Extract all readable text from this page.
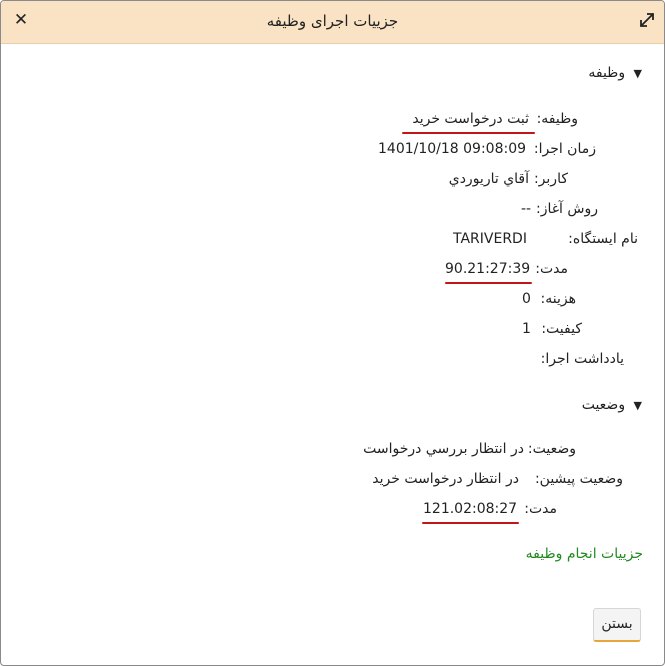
✕	جزییات اجرای وظیفه
▼ وظیفه
وظیفه:
ثبت درخواست خرید
زمان اجرا:
1401/10/18 09:08:09
کاربر:
آقاي تاريوردي
روش آغاز:
--
نام ایستگاه:
TARIVERDI
مدت:
90.21:27:39
هزینه:
0
کیفیت:
1
یادداشت اجرا:
▼ وضعیت
وضعیت:
در انتظار بررسي درخواست
وضعیت پیشین:
در انتظار درخواست خرید
مدت:
121.02:08:27
جزییات انجام وظیفه
بستن
